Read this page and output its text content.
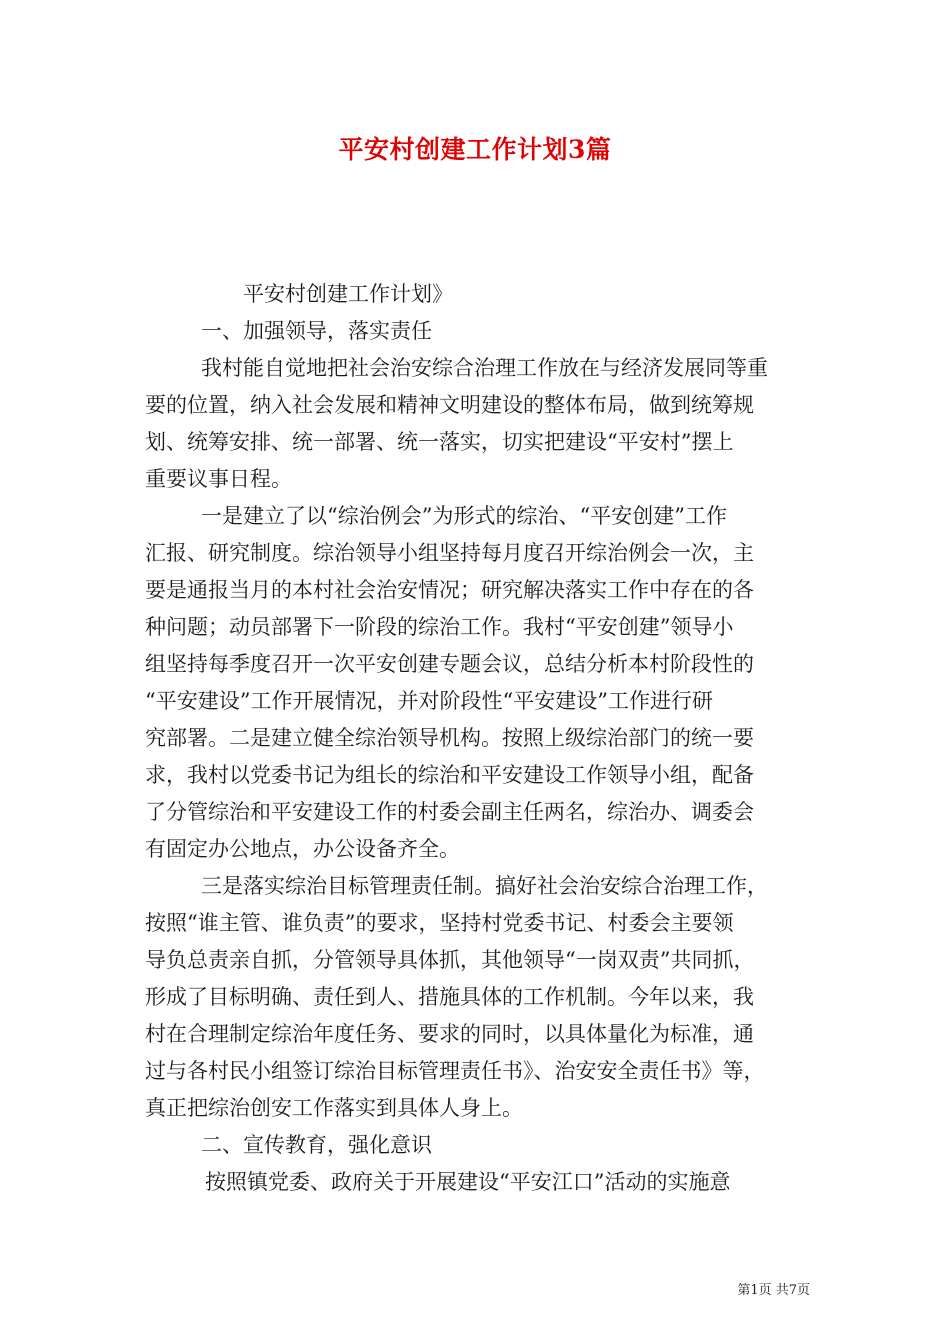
平安村创建工作计划3篇
平安村创建工作计划》
一、加强领导，落实责任
我村能自觉地把社会治安综合治理工作放在与经济发展同等重
要的位置，纳入社会发展和精神文明建设的整体布局，做到统筹规
划、统筹安排、统一部署、统一落实，切实把建设“平安村”摆上
重要议事日程。
一是建立了以“综治例会”为形式的综治、“平安创建”工作
汇报、研究制度。综治领导小组坚持每月度召开综治例会一次，主
要是通报当月的本村社会治安情况；研究解决落实工作中存在的各
种问题；动员部署下一阶段的综治工作。我村“平安创建”领导小
组坚持每季度召开一次平安创建专题会议，总结分析本村阶段性的
“平安建设”工作开展情况，并对阶段性“平安建设”工作进行研
究部署。二是建立健全综治领导机构。按照上级综治部门的统一要
求，我村以党委书记为组长的综治和平安建设工作领导小组，配备
了分管综治和平安建设工作的村委会副主任两名，综治办、调委会
有固定办公地点，办公设备齐全。
三是落实综治目标管理责任制。搞好社会治安综合治理工作，
按照“谁主管、谁负责”的要求，坚持村党委书记、村委会主要领
导负总责亲自抓，分管领导具体抓，其他领导“一岗双责”共同抓，
形成了目标明确、责任到人、措施具体的工作机制。今年以来，我
村在合理制定综治年度任务、要求的同时，以具体量化为标准，通
过与各村民小组签订综治目标管理责任书》、治安安全责任书》等，
真正把综治创安工作落实到具体人身上。
二、宣传教育，强化意识
按照镇党委、政府关于开展建设“平安江口”活动的实施意
第1页 共7页
